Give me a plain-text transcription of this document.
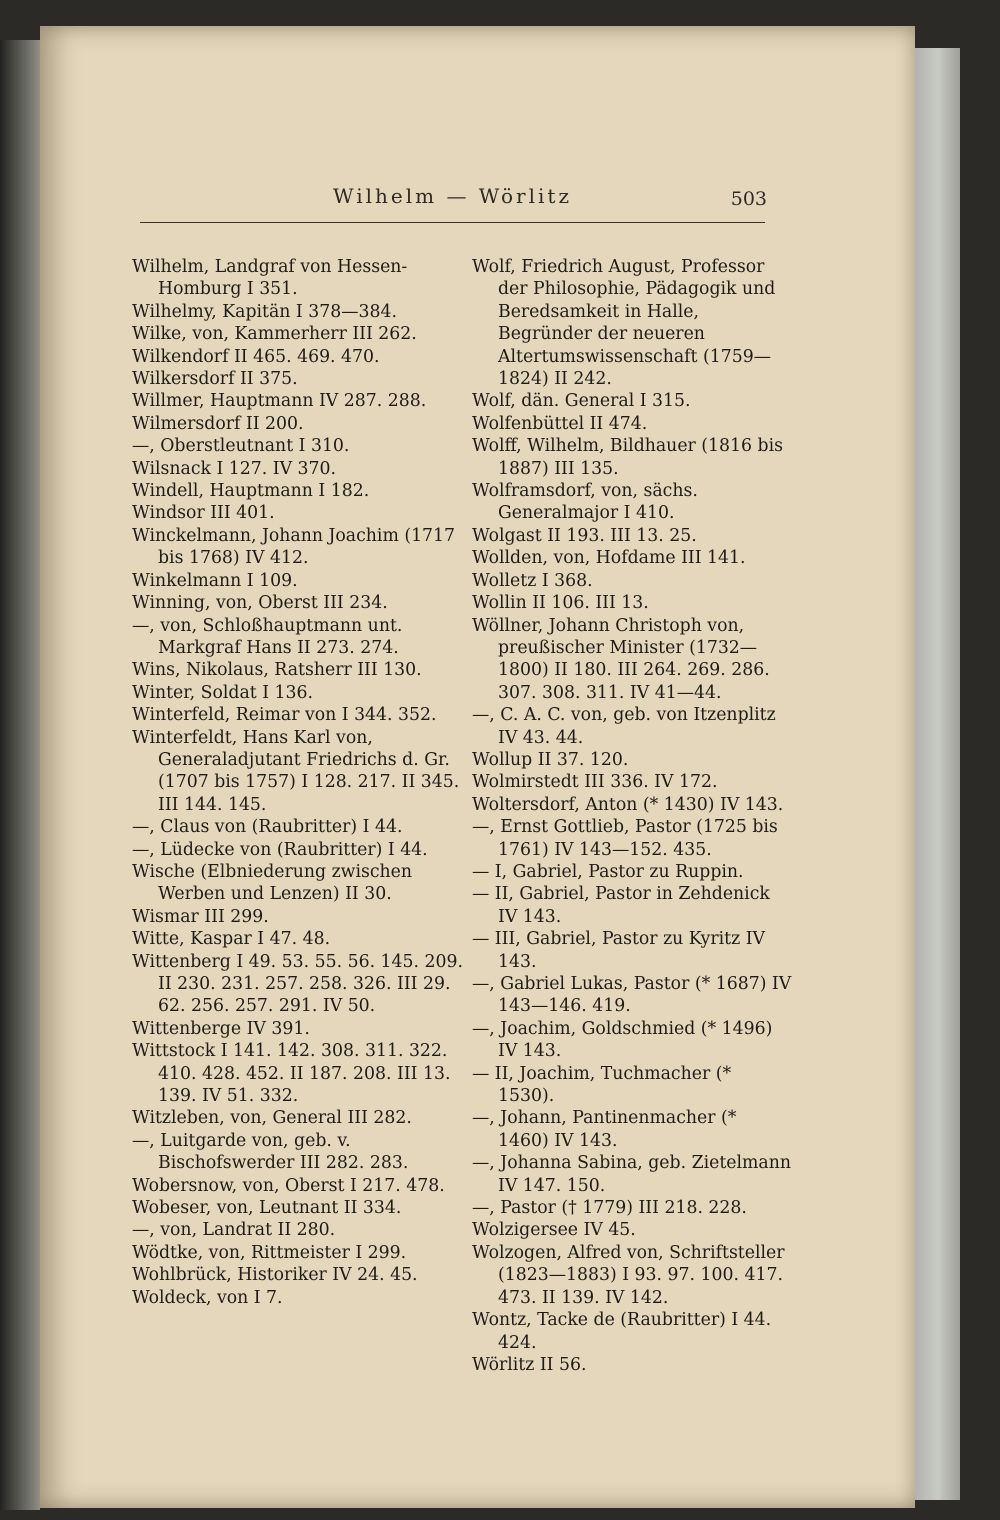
Wilhelm — Wörlitz	503

Wilhelm, Landgraf von Hessen-Homburg I 351.

Wilhelmy, Kapitän I 378—384.

Wilke, von, Kammerherr III 262.

Wilkendorf II 465. 469. 470.

Wilkersdorf II 375.

Willmer, Hauptmann IV 287. 288.

Wilmersdorf II 200.

—, Oberstleutnant I 310.

Wilsnack I 127. IV 370.

Windell, Hauptmann I 182.

Windsor III 401.

Winckelmann, Johann Joachim (1717 bis 1768) IV 412.

Winkelmann I 109.

Winning, von, Oberst III 234.

—, von, Schloßhauptmann unt. Markgraf Hans II 273. 274.

Wins, Nikolaus, Ratsherr III 130.

Winter, Soldat I 136.

Winterfeld, Reimar von I 344. 352.

Winterfeldt, Hans Karl von, Generaladjutant Friedrichs d. Gr. (1707 bis 1757) I 128. 217. II 345. III 144. 145.

—, Claus von (Raubritter) I 44.

—, Lüdecke von (Raubritter) I 44.

Wische (Elbniederung zwischen Werben und Lenzen) II 30.

Wismar III 299.

Witte, Kaspar I 47. 48.

Wittenberg I 49. 53. 55. 56. 145. 209. II 230. 231. 257. 258. 326. III 29. 62. 256. 257. 291. IV 50.

Wittenberge IV 391.

Wittstock I 141. 142. 308. 311. 322. 410. 428. 452. II 187. 208. III 13. 139. IV 51. 332.

Witzleben, von, General III 282.

—, Luitgarde von, geb. v. Bischofswerder III 282. 283.

Wobersnow, von, Oberst I 217. 478.

Wobeser, von, Leutnant II 334.

—, von, Landrat II 280.

Wödtke, von, Rittmeister I 299.

Wohlbrück, Historiker IV 24. 45.

Woldeck, von I 7.

Wolf, Friedrich August, Professor der Philosophie, Pädagogik und Beredsamkeit in Halle, Begründer der neueren Altertumswissenschaft (1759—1824) II 242.

Wolf, dän. General I 315.

Wolfenbüttel II 474.

Wolff, Wilhelm, Bildhauer (1816 bis 1887) III 135.

Wolframsdorf, von, sächs. Generalmajor I 410.

Wolgast II 193. III 13. 25.

Wollden, von, Hofdame III 141.

Wolletz I 368.

Wollin II 106. III 13.

Wöllner, Johann Christoph von, preußischer Minister (1732—1800) II 180. III 264. 269. 286. 307. 308. 311. IV 41—44.

—, C. A. C. von, geb. von Itzenplitz IV 43. 44.

Wollup II 37. 120.

Wolmirstedt III 336. IV 172.

Woltersdorf, Anton (* 1430) IV 143.

—, Ernst Gottlieb, Pastor (1725 bis 1761) IV 143—152. 435.

— I, Gabriel, Pastor zu Ruppin.

— II, Gabriel, Pastor in Zehdenick IV 143.

— III, Gabriel, Pastor zu Kyritz IV 143.

—, Gabriel Lukas, Pastor (* 1687) IV 143—146. 419.

—, Joachim, Goldschmied (* 1496) IV 143.

— II, Joachim, Tuchmacher (* 1530).

—, Johann, Pantinenmacher (* 1460) IV 143.

—, Johanna Sabina, geb. Zietelmann IV 147. 150.

—, Pastor († 1779) III 218. 228.

Wolzigersee IV 45.

Wolzogen, Alfred von, Schriftsteller (1823—1883) I 93. 97. 100. 417. 473. II 139. IV 142.

Wontz, Tacke de (Raubritter) I 44. 424.

Wörlitz II 56.
